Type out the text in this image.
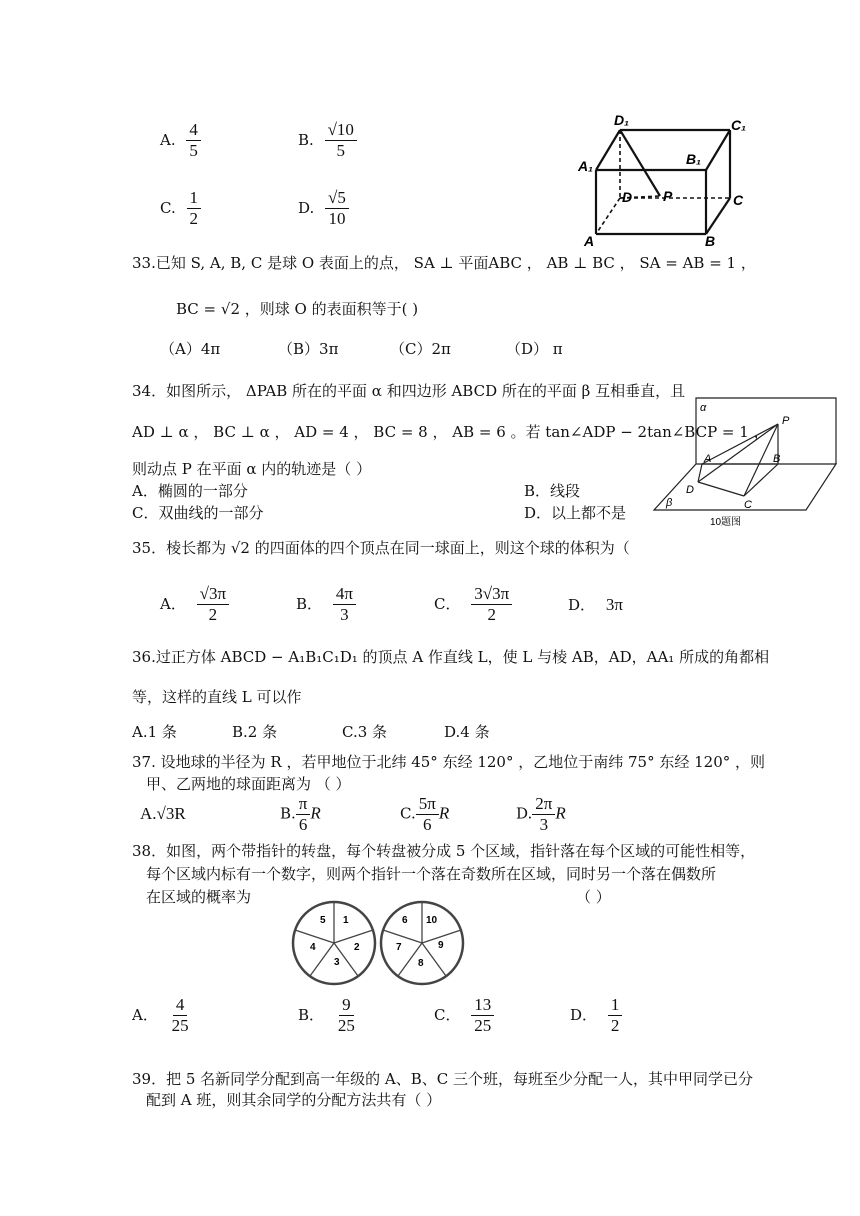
A. $\frac{4}{5}$	B. $\frac{√10}{5}$
C. $\frac{1}{2}$	D. $\frac{√5}{10}$
D₁	C₁
A₁	B₁
D P	C
A	B
33.已知 S, A, B, C 是球 O 表面上的点， SA ⊥ 平面ABC ， AB ⊥ BC ， SA = AB = 1 ，
BC = √2 ，则球 O 的表面积等于( )
（A）4π	（B）3π	（C）2π	（D） π
34．如图所示， ΔPAB 所在的平面 α 和四边形 ABCD 所在的平面 β 互相垂直，且
AD ⊥ α ， BC ⊥ α ， AD = 4 ， BC = 8 ， AB = 6 。若 tan∠ADP − 2tan∠BCP = 1 ，
则动点 P 在平面 α 内的轨迹是（ ）
A．椭圆的一部分	B．线段
C．双曲线的一部分	D．以上都不是
α
P
A	B
D
C
β
10题图
35．棱长都为 √2 的四面体的四个顶点在同一球面上，则这个球的体积为（
A． $\frac{√3\pi}{2}$	B． $\frac{4\pi}{3}$	C． $\frac{3√3\pi}{2}$	D． 3π
36.过正方体 ABCD − A₁B₁C₁D₁ 的顶点 A 作直线 L，使 L 与棱 AB，AD，AA₁ 所成的角都相
等，这样的直线 L 可以作
A.1 条	B.2 条	C.3 条	D.4 条
37. 设地球的半径为 R ，若甲地位于北纬 45° 东经 120° ，乙地位于南纬 75° 东经 120° ，则
甲、乙两地的球面距离为 （ ）
A.√3R	B. $\frac{\pi}{6}$ R	C. $\frac{5\pi}{6}$ R	D. $\frac{2\pi}{3}$ R
38．如图，两个带指针的转盘，每个转盘被分成 5 个区域，指针落在每个区域的可能性相等，
每个区域内标有一个数字，则两个指针一个落在奇数所在区域，同时另一个落在偶数所
在区域的概率为	（ ）
5 1
2
3
4
6 10
9
8
7
A． $\frac{4}{25}$	B． $\frac{9}{25}$	C． $\frac{13}{25}$	D． $\frac{1}{2}$
39．把 5 名新同学分配到高一年级的 A、B、C 三个班，每班至少分配一人，其中甲同学已分
配到 A 班，则其余同学的分配方法共有（ ）
